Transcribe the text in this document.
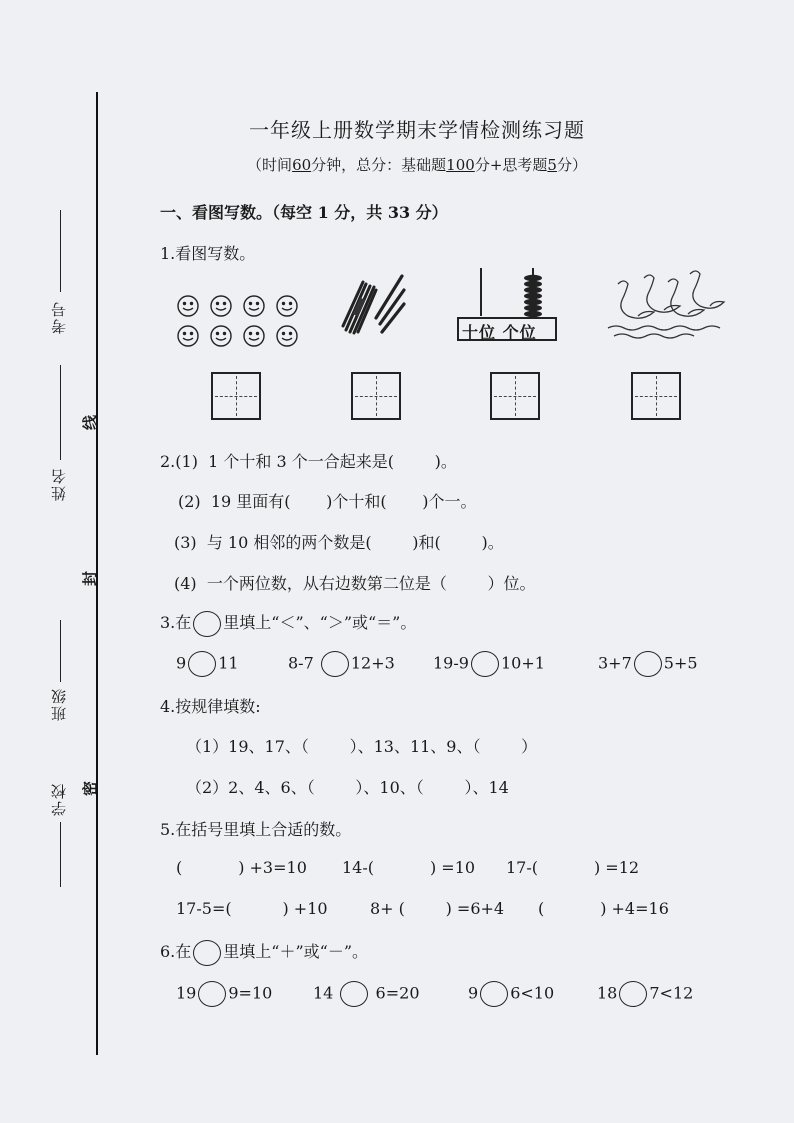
考号
姓名
班级
学校
线
封
密
一年级上册数学期末学情检测练习题
（时间60分钟，总分：基础题100分+思考题5分）
一、看图写数。（每空 1 分，共 33 分）
1.看图写数。
十位 个位
2.(1)  1 个十和 3 个一合起来是(        )。
(2)  19 里面有(       )个十和(       )个一。
(3)  与 10 相邻的两个数是(        )和(        )。
(4)  一个两位数，从右边数第二位是（        ）位。
3.在 里填上“＜”、“＞”或“＝”。
9 11	8-7 12+3 19-9 10+1	3+7 5+5
4.按规律填数:
（1）19、17、（        ）、13、11、9、（        ）
（2）2、4、6、（        ）、10、（        ）、14
5.在括号里填上合适的数。
(           ) +3=10 14-(           ) =10 17-(           ) =12
17-5=(          ) +10	8+ (        ) =6+4 (           ) +4=16
6.在 里填上“＋”或“－”。
19 9=10	14	6=20	9 6<10	18 7<12
